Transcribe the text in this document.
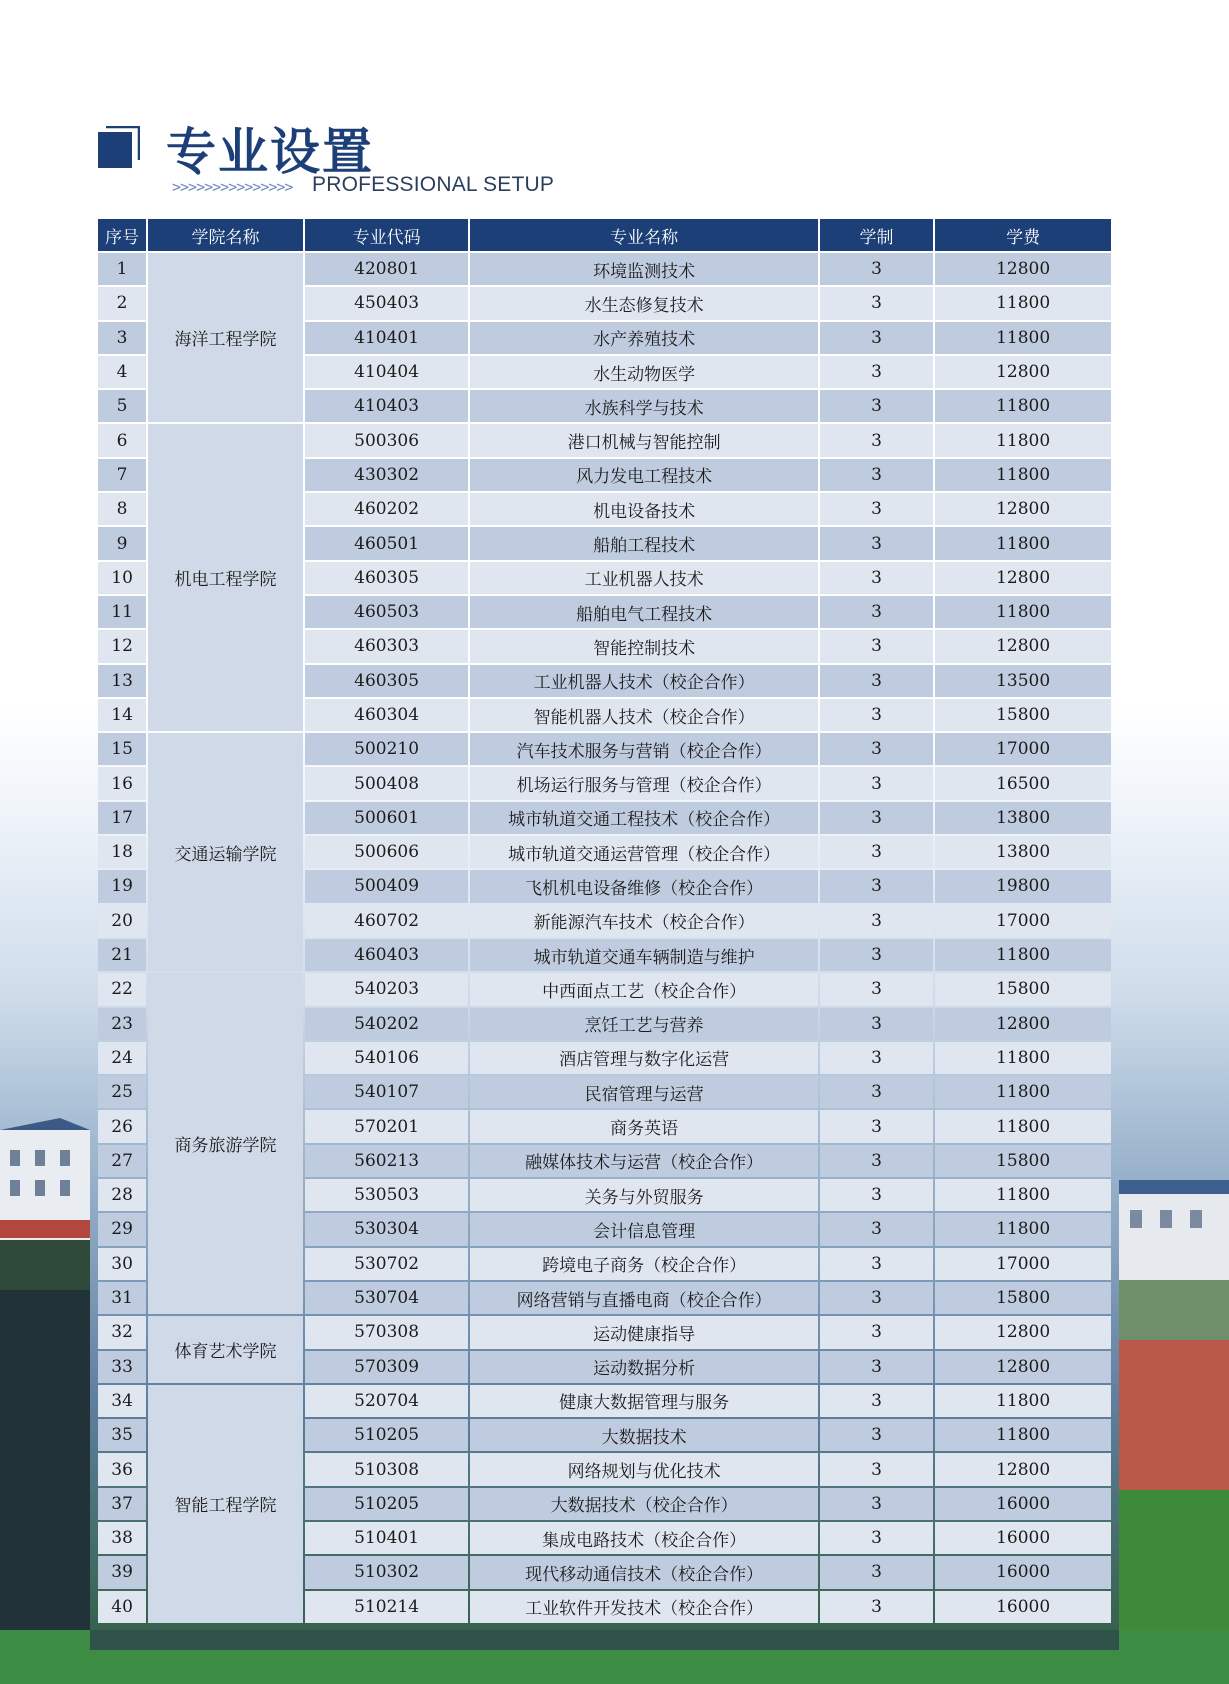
专业设置
>>>>>>>>>>>>>>> PROFESSIONAL SETUP
序号	学院名称	专业代码	专业名称	学制	学费
1	海洋工程学院	420801	环境监测技术	3	12800
2		450403	水生态修复技术	3	11800
3		410401	水产养殖技术	3	11800
4		410404	水生动物医学	3	12800
5		410403	水族科学与技术	3	11800
6	机电工程学院	500306	港口机械与智能控制	3	11800
7		430302	风力发电工程技术	3	11800
8		460202	机电设备技术	3	12800
9		460501	船舶工程技术	3	11800
10		460305	工业机器人技术	3	12800
11		460503	船舶电气工程技术	3	11800
12		460303	智能控制技术	3	12800
13		460305	工业机器人技术（校企合作）	3	13500
14		460304	智能机器人技术（校企合作）	3	15800
15	交通运输学院	500210	汽车技术服务与营销（校企合作）	3	17000
16		500408	机场运行服务与管理（校企合作）	3	16500
17		500601	城市轨道交通工程技术（校企合作）	3	13800
18		500606	城市轨道交通运营管理（校企合作）	3	13800
19		500409	飞机机电设备维修（校企合作）	3	19800
20		460702	新能源汽车技术（校企合作）	3	17000
21		460403	城市轨道交通车辆制造与维护	3	11800
22	商务旅游学院	540203	中西面点工艺（校企合作）	3	15800
23		540202	烹饪工艺与营养	3	12800
24		540106	酒店管理与数字化运营	3	11800
25		540107	民宿管理与运营	3	11800
26		570201	商务英语	3	11800
27		560213	融媒体技术与运营（校企合作）	3	15800
28		530503	关务与外贸服务	3	11800
29		530304	会计信息管理	3	11800
30		530702	跨境电子商务（校企合作）	3	17000
31		530704	网络营销与直播电商（校企合作）	3	15800
32	体育艺术学院	570308	运动健康指导	3	12800
33		570309	运动数据分析	3	12800
34	智能工程学院	520704	健康大数据管理与服务	3	11800
35		510205	大数据技术	3	11800
36		510308	网络规划与优化技术	3	12800
37		510205	大数据技术（校企合作）	3	16000
38		510401	集成电路技术（校企合作）	3	16000
39		510302	现代移动通信技术（校企合作）	3	16000
40		510214	工业软件开发技术（校企合作）	3	16000
